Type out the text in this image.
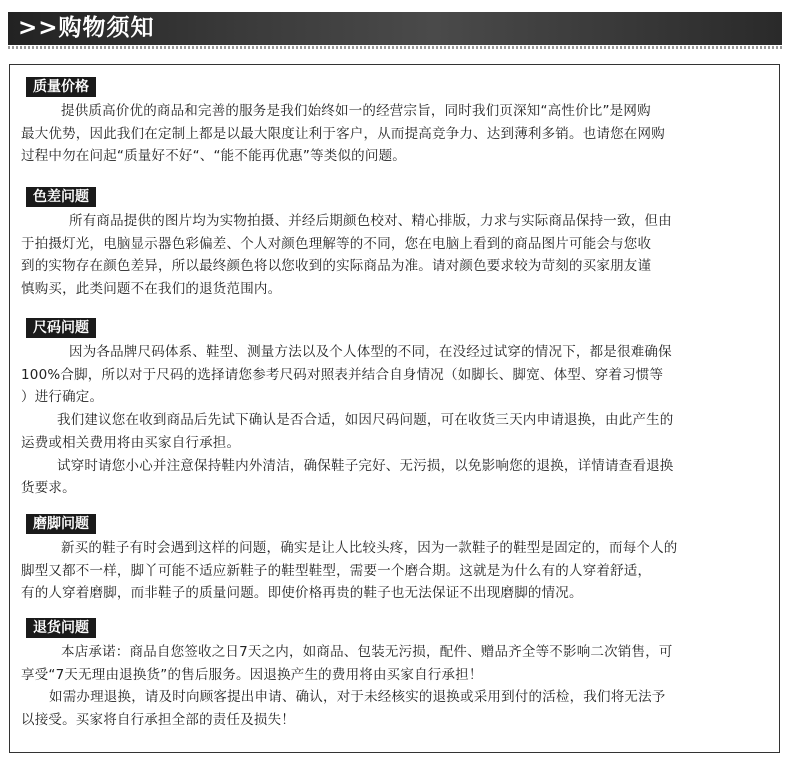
>>购物须知
质量价格
提供质高价优的商品和完善的服务是我们始终如一的经营宗旨，同时我们页深知“高性价比”是网购
最大优势，因此我们在定制上都是以最大限度让利于客户，从而提高竞争力、达到薄利多销。也请您在网购
过程中勿在问起“质量好不好“、“能不能再优惠”等类似的问题。
色差问题
所有商品提供的图片均为实物拍摄、并经后期颜色校对、精心排版，力求与实际商品保持一致，但由
于拍摄灯光，电脑显示器色彩偏差、个人对颜色理解等的不同，您在电脑上看到的商品图片可能会与您收
到的实物存在颜色差异，所以最终颜色将以您收到的实际商品为准。请对颜色要求较为苛刻的买家朋友谨
慎购买，此类问题不在我们的退货范围内。
尺码问题
因为各品牌尺码体系、鞋型、测量方法以及个人体型的不同，在没经过试穿的情况下，都是很难确保
100%合脚，所以对于尺码的选择请您参考尺码对照表并结合自身情况（如脚长、脚宽、体型、穿着习惯等
）进行确定。
我们建议您在收到商品后先试下确认是否合适，如因尺码问题，可在收货三天内申请退换，由此产生的
运费或相关费用将由买家自行承担。
试穿时请您小心并注意保持鞋内外清洁，确保鞋子完好、无污损，以免影响您的退换，详情请查看退换
货要求。
磨脚问题
新买的鞋子有时会遇到这样的问题，确实是让人比较头疼，因为一款鞋子的鞋型是固定的，而每个人的
脚型又都不一样，脚丫可能不适应新鞋子的鞋型鞋型，需要一个磨合期。这就是为什么有的人穿着舒适，
有的人穿着磨脚，而非鞋子的质量问题。即使价格再贵的鞋子也无法保证不出现磨脚的情况。
退货问题
本店承诺：商品自您签收之日7天之内，如商品、包装无污损，配件、赠品齐全等不影响二次销售，可
享受“7天无理由退换货”的售后服务。因退换产生的费用将由买家自行承担！
如需办理退换，请及时向顾客提出申请、确认，对于未经核实的退换或采用到付的活检，我们将无法予
以接受。买家将自行承担全部的责任及损失！
